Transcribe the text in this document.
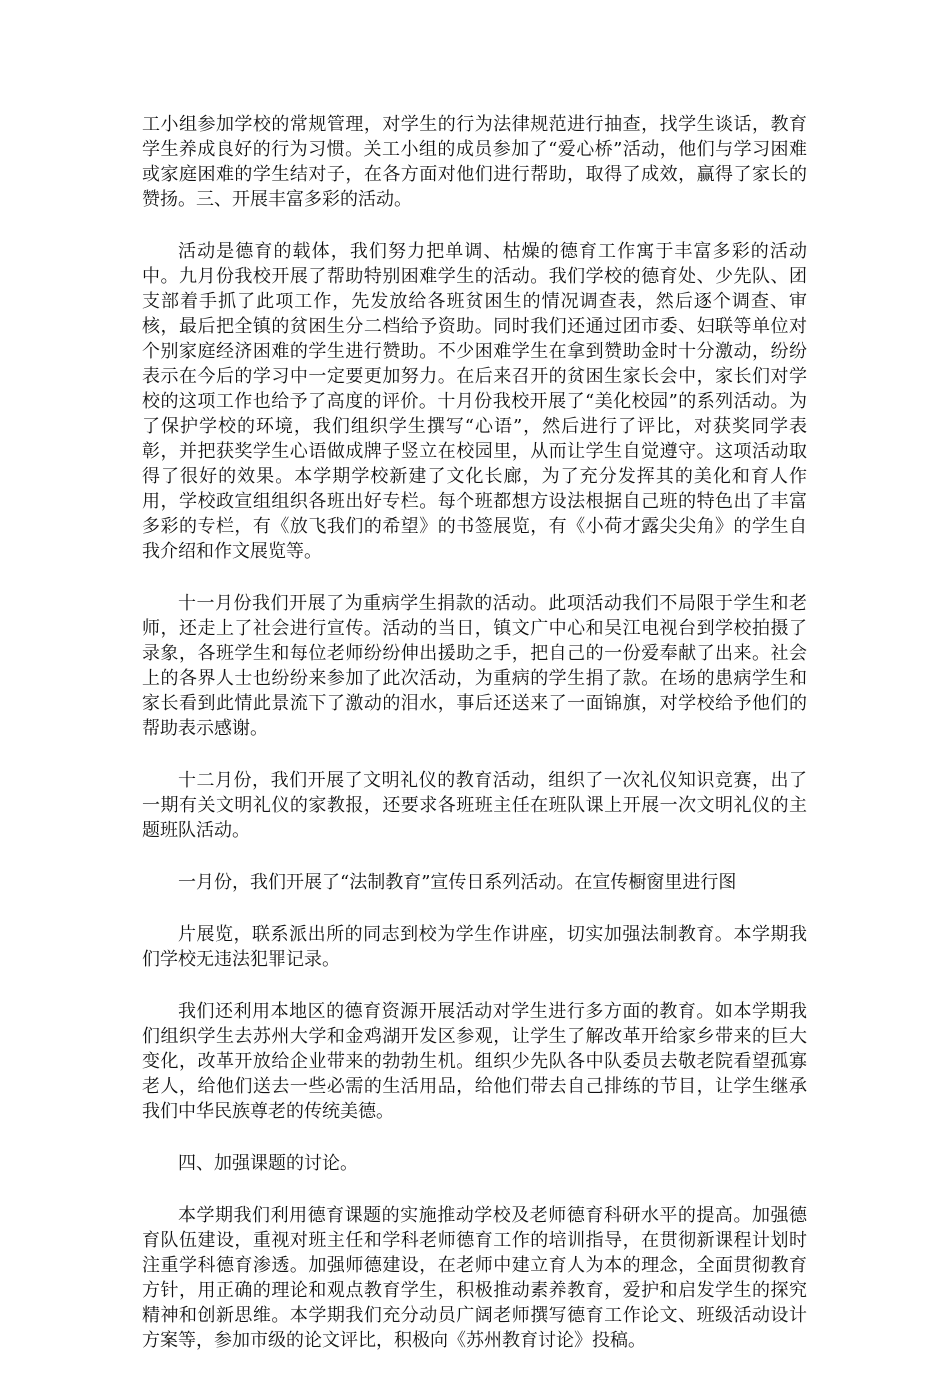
工小组参加学校的常规管理，对学生的行为法律规范进行抽查，找学生谈话，教育学生养成良好的行为习惯。关工小组的成员参加了“爱心桥”活动，他们与学习困难或家庭困难的学生结对子，在各方面对他们进行帮助，取得了成效，赢得了家长的赞扬。三、开展丰富多彩的活动。

活动是德育的载体，我们努力把单调、枯燥的德育工作寓于丰富多彩的活动中。九月份我校开展了帮助特别困难学生的活动。我们学校的德育处、少先队、团支部着手抓了此项工作，先发放给各班贫困生的情况调查表，然后逐个调查、审核，最后把全镇的贫困生分二档给予资助。同时我们还通过团市委、妇联等单位对个别家庭经济困难的学生进行赞助。不少困难学生在拿到赞助金时十分激动，纷纷表示在今后的学习中一定要更加努力。在后来召开的贫困生家长会中，家长们对学校的这项工作也给予了高度的评价。十月份我校开展了“美化校园”的系列活动。为了保护学校的环境，我们组织学生撰写“心语”，然后进行了评比，对获奖同学表彰，并把获奖学生心语做成牌子竖立在校园里，从而让学生自觉遵守。这项活动取得了很好的效果。本学期学校新建了文化长廊，为了充分发挥其的美化和育人作用，学校政宣组组织各班出好专栏。每个班都想方设法根据自己班的特色出了丰富多彩的专栏，有《放飞我们的希望》的书签展览，有《小荷才露尖尖角》的学生自我介绍和作文展览等。

十一月份我们开展了为重病学生捐款的活动。此项活动我们不局限于学生和老师，还走上了社会进行宣传。活动的当日，镇文广中心和吴江电视台到学校拍摄了录象，各班学生和每位老师纷纷伸出援助之手，把自己的一份爱奉献了出来。社会上的各界人士也纷纷来参加了此次活动，为重病的学生捐了款。在场的患病学生和家长看到此情此景流下了激动的泪水，事后还送来了一面锦旗，对学校给予他们的帮助表示感谢。

十二月份，我们开展了文明礼仪的教育活动，组织了一次礼仪知识竞赛，出了一期有关文明礼仪的家教报，还要求各班班主任在班队课上开展一次文明礼仪的主题班队活动。

一月份，我们开展了“法制教育”宣传日系列活动。在宣传橱窗里进行图

片展览，联系派出所的同志到校为学生作讲座，切实加强法制教育。本学期我们学校无违法犯罪记录。

我们还利用本地区的德育资源开展活动对学生进行多方面的教育。如本学期我们组织学生去苏州大学和金鸡湖开发区参观，让学生了解改革开给家乡带来的巨大变化，改革开放给企业带来的勃勃生机。组织少先队各中队委员去敬老院看望孤寡老人，给他们送去一些必需的生活用品，给他们带去自己排练的节目，让学生继承我们中华民族尊老的传统美德。

四、加强课题的讨论。

本学期我们利用德育课题的实施推动学校及老师德育科研水平的提高。加强德育队伍建设，重视对班主任和学科老师德育工作的培训指导，在贯彻新课程计划时注重学科德育渗透。加强师德建设，在老师中建立育人为本的理念，全面贯彻教育方针，用正确的理论和观点教育学生，积极推动素养教育，爱护和启发学生的探究精神和创新思维。本学期我们充分动员广阔老师撰写德育工作论文、班级活动设计方案等，参加市级的论文评比，积极向《苏州教育讨论》投稿。
